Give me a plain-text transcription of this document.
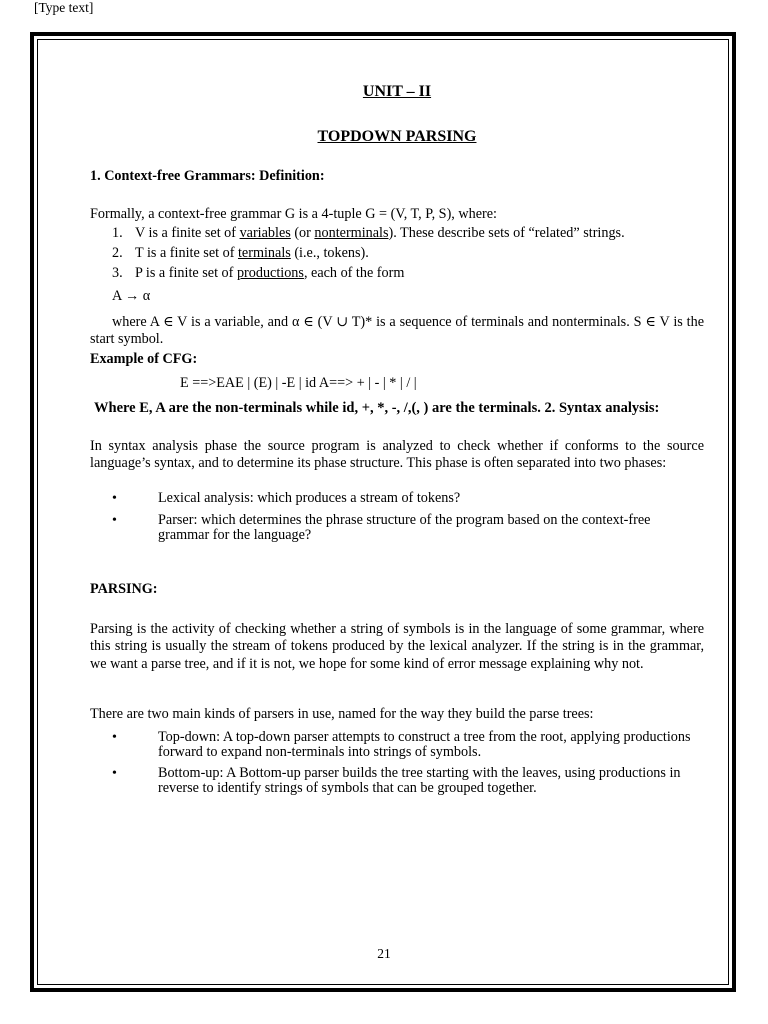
[Type text]
UNIT – II
TOPDOWN PARSING
1. Context-free Grammars: Definition:
Formally, a context-free grammar G is a 4-tuple G = (V, T, P, S), where:
1. V is a finite set of variables (or nonterminals). These describe sets of “related” strings.
2. T is a finite set of terminals (i.e., tokens).
3. P is a finite set of productions, each of the form
A → α
where A ∈ V is a variable, and α ∈ (V ∪ T)* is a sequence of terminals and nonterminals. S ∈ V is the start symbol.
Example of CFG:
E ==>EAE | (E) | -E | id A==> + | - | * | / |
Where E, A are the non-terminals while id, +, *, -, /,(, ) are the terminals. 2. Syntax analysis:
In syntax analysis phase the source program is analyzed to check whether if conforms to the source language’s syntax, and to determine its phase structure. This phase is often separated into two phases:
•	Lexical analysis: which produces a stream of tokens?
•	Parser: which determines the phrase structure of the program based on the context-free grammar for the language?
PARSING:
Parsing is the activity of checking whether a string of symbols is in the language of some grammar, where this string is usually the stream of tokens produced by the lexical analyzer. If the string is in the grammar, we want a parse tree, and if it is not, we hope for some kind of error message explaining why not.
There are two main kinds of parsers in use, named for the way they build the parse trees:
•	Top-down: A top-down parser attempts to construct a tree from the root, applying productions forward to expand non-terminals into strings of symbols.
•	Bottom-up: A Bottom-up parser builds the tree starting with the leaves, using productions in reverse to identify strings of symbols that can be grouped together.
21
